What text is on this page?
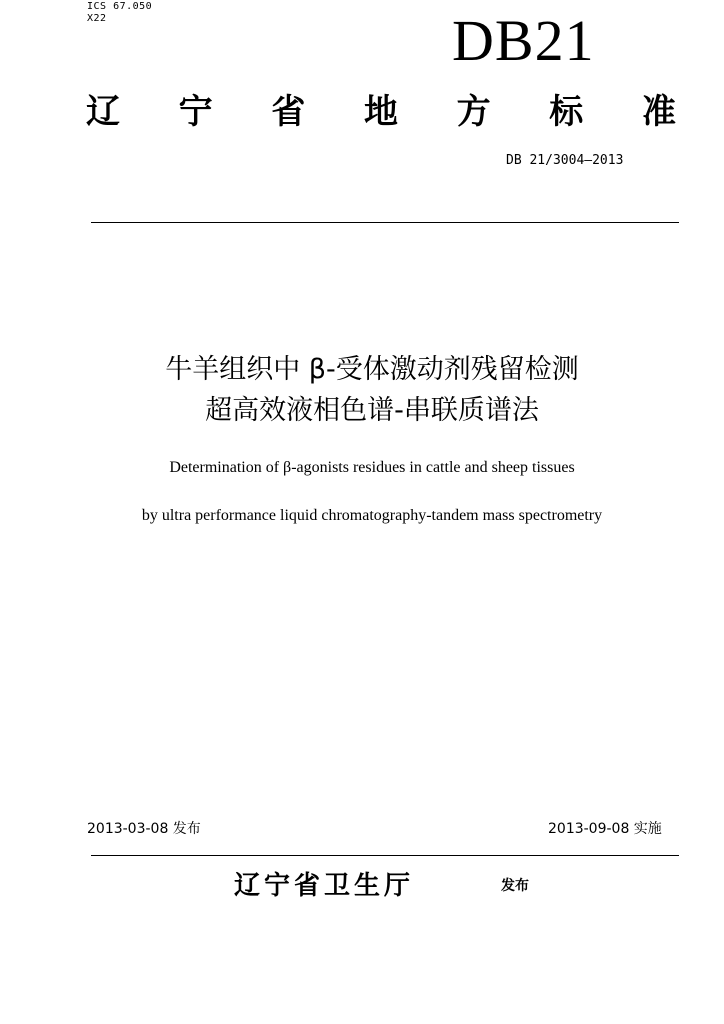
ICS 67.050
X22	DB21
辽 宁 省 地 方 标 准
DB 21/3004—2013
牛羊组织中 β-受体激动剂残留检测
超高效液相色谱-串联质谱法
Determination of β-agonists residues in cattle and sheep tissues
by ultra performance liquid chromatography-tandem mass spectrometry
2013-03-08 发布	2013-09-08 实施
辽宁省卫生厅	发布
